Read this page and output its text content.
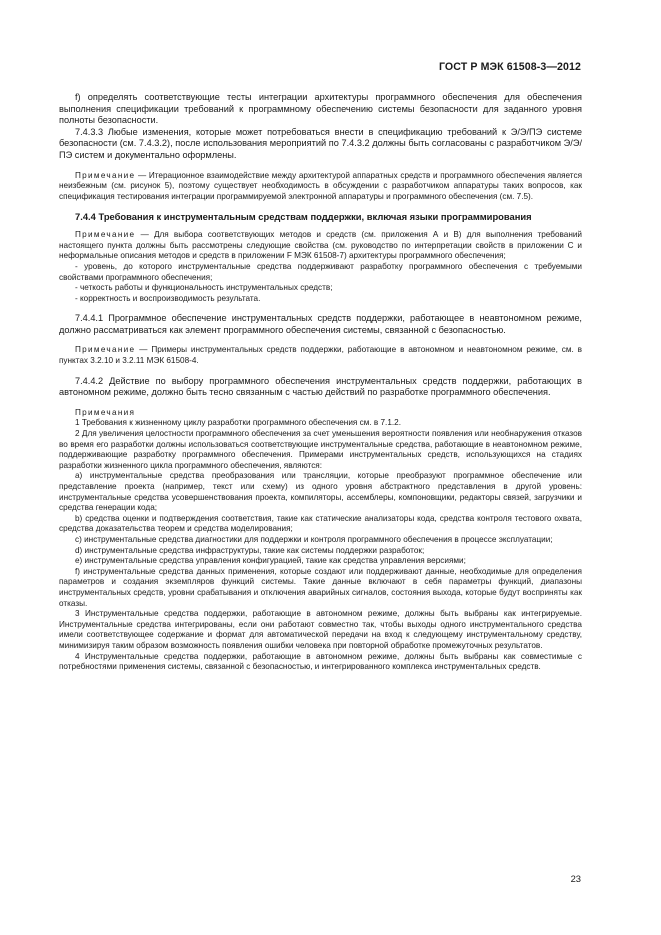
ГОСТ Р МЭК 61508-3—2012

f) определять соответствующие тесты интеграции архитектуры программного обеспечения для обеспечения выполнения спецификации требований к программному обеспечению системы безопасности для заданного уровня полноты безопасности.

7.4.3.3 Любые изменения, которые может потребоваться внести в спецификацию требований к Э/Э/ПЭ системе безопасности (см. 7.4.3.2), после использования мероприятий по 7.4.3.2 должны быть согласованы с разработчиком Э/Э/ПЭ систем и документально оформлены.

Примечание — Итерационное взаимодействие между архитектурой аппаратных средств и программного обеспечения является неизбежным (см. рисунок 5), поэтому существует необходимость в обсуждении с разработчиком аппаратуры таких вопросов, как спецификация тестирования интеграции программируемой электронной аппаратуры и программного обеспечения (см. 7.5).

7.4.4 Требования к инструментальным средствам поддержки, включая языки программирования

Примечание — Для выбора соответствующих методов и средств (см. приложения А и В) для выполнения требований настоящего пункта должны быть рассмотрены следующие свойства (см. руководство по интерпретации свойств в приложении С и неформальные описания методов и средств в приложении F МЭК 61508-7) архитектуры программного обеспечения;

- уровень, до которого инструментальные средства поддерживают разработку программного обеспечения с требуемыми свойствами программного обеспечения;

- четкость работы и функциональность инструментальных средств;

- корректность и воспроизводимость результата.

7.4.4.1 Программное обеспечение инструментальных средств поддержки, работающее в неавтономном режиме, должно рассматриваться как элемент программного обеспечения системы, связанной с безопасностью.

Примечание — Примеры инструментальных средств поддержки, работающие в автономном и неавтономном режиме, см. в пунктах 3.2.10 и 3.2.11 МЭК 61508-4.

7.4.4.2 Действие по выбору программного обеспечения инструментальных средств поддержки, работающих в автономном режиме, должно быть тесно связанным с частью действий по разработке программного обеспечения.

Примечания

1 Требования к жизненному циклу разработки программного обеспечения см. в 7.1.2.

2 Для увеличения целостности программного обеспечения за счет уменьшения вероятности появления или необнаружения отказов во время его разработки должны использоваться соответствующие инструментальные средства, работающие в неавтономном режиме, поддерживающие разработку программного обеспечения. Примерами инструментальных средств, использующихся на стадиях разработки жизненного цикла программного обеспечения, являются:

a) инструментальные средства преобразования или трансляции, которые преобразуют программное обеспечение или представление проекта (например, текст или схему) из одного уровня абстрактного представления в другой уровень: инструментальные средства усовершенствования проекта, компиляторы, ассемблеры, компоновщики, редакторы связей, загрузчики и средства генерации кода;

b) средства оценки и подтверждения соответствия, такие как статические анализаторы кода, средства контроля тестового охвата, средства доказательства теорем и средства моделирования;

c) инструментальные средства диагностики для поддержки и контроля программного обеспечения в процессе эксплуатации;

d) инструментальные средства инфраструктуры, такие как системы поддержки разработок;

e) инструментальные средства управления конфигурацией, такие как средства управления версиями;

f) инструментальные средства данных применения, которые создают или поддерживают данные, необходимые для определения параметров и создания экземпляров функций системы. Такие данные включают в себя параметры функций, диапазоны инструментальных средств, уровни срабатывания и отключения аварийных сигналов, состояния выхода, которые будут восприняты как отказы.

3 Инструментальные средства поддержки, работающие в автономном режиме, должны быть выбраны как интегрируемые. Инструментальные средства интегрированы, если они работают совместно так, чтобы выходы одного инструментального средства имели соответствующее содержание и формат для автоматической передачи на вход к следующему инструментальному средству, минимизируя таким образом возможность появления ошибки человека при повторной обработке промежуточных результатов.

4 Инструментальные средства поддержки, работающие в автономном режиме, должны быть выбраны как совместимые с потребностями применения системы, связанной с безопасностью, и интегрированного комплекса инструментальных средств.

23
